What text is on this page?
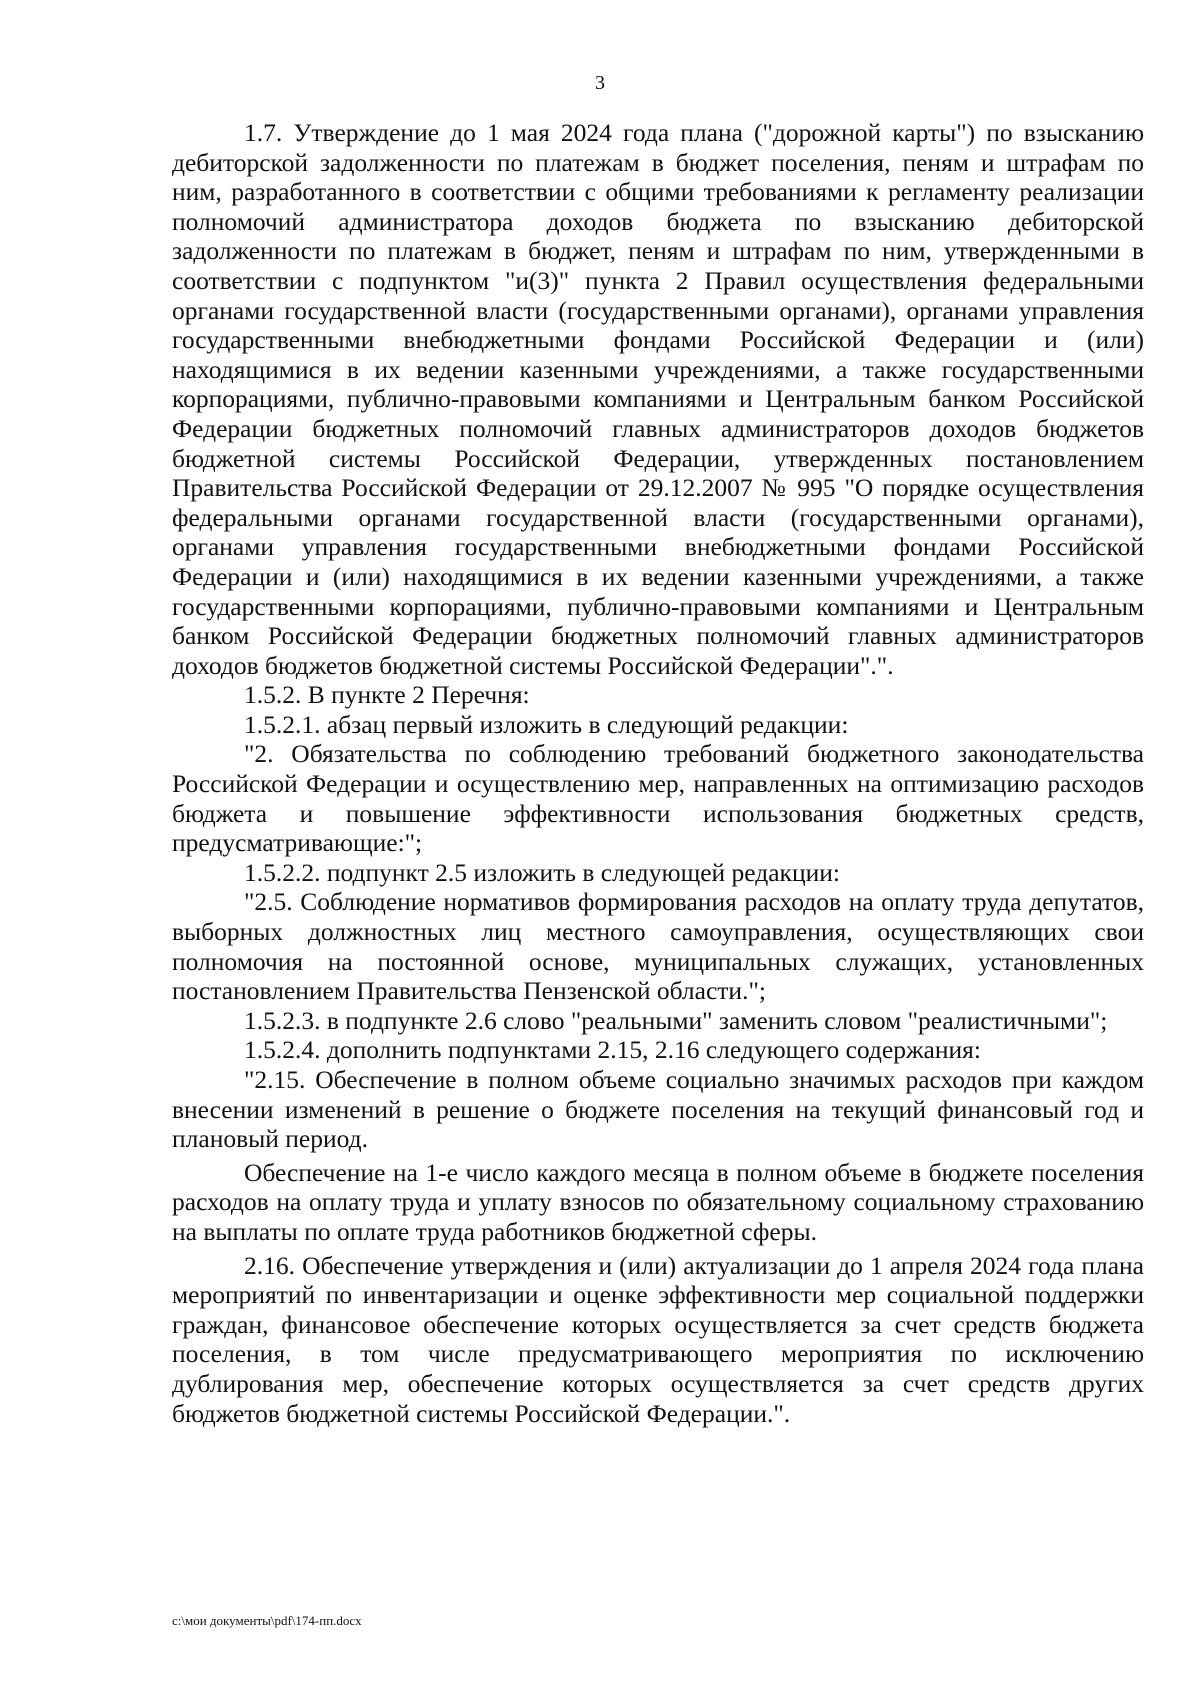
3

1.7. Утверждение до 1 мая 2024 года плана ("дорожной карты") по взысканию дебиторской задолженности по платежам в бюджет поселения, пеням и штрафам по ним, разработанного в соответствии с общими требованиями к регламенту реализации полномочий администратора доходов бюджета по взысканию дебиторской задолженности по платежам в бюджет, пеням и штрафам по ним, утвержденными в соответствии с подпунктом "и(3)" пункта 2 Правил осуществления федеральными органами государственной власти (государственными органами), органами управления государственными внебюджетными фондами Российской Федерации и (или) находящимися в их ведении казенными учреждениями, а также государственными корпорациями, публично-правовыми компаниями и Центральным банком Российской Федерации бюджетных полномочий главных администраторов доходов бюджетов бюджетной системы Российской Федерации, утвержденных постановлением Правительства Российской Федерации от 29.12.2007 № 995 "О порядке осуществления федеральными органами государственной власти (государственными органами), органами управления государственными внебюджетными фондами Российской Федерации и (или) находящимися в их ведении казенными учреждениями, а также государственными корпорациями, публично-правовыми компаниями и Центральным банком Российской Федерации бюджетных полномочий главных администраторов доходов бюджетов бюджетной системы Российской Федерации".".

1.5.2. В пункте 2 Перечня:

1.5.2.1. абзац первый изложить в следующий редакции:

"2. Обязательства по соблюдению требований бюджетного законодательства Российской Федерации и осуществлению мер, направленных на оптимизацию расходов бюджета и повышение эффективности использования бюджетных средств, предусматривающие:";

1.5.2.2. подпункт 2.5 изложить в следующей редакции:

"2.5. Соблюдение нормативов формирования расходов на оплату труда депутатов, выборных должностных лиц местного самоуправления, осуществляющих свои полномочия на постоянной основе, муниципальных служащих, установленных постановлением Правительства Пензенской области.";

1.5.2.3. в подпункте 2.6 слово "реальными" заменить словом "реалистичными";

1.5.2.4. дополнить подпунктами 2.15, 2.16 следующего содержания:

"2.15. Обеспечение в полном объеме социально значимых расходов при каждом внесении изменений в решение о бюджете поселения на текущий финансовый год и плановый период.

Обеспечение на 1-е число каждого месяца в полном объеме в бюджете поселения расходов на оплату труда и уплату взносов по обязательному социальному страхованию на выплаты по оплате труда работников бюджетной сферы.

2.16. Обеспечение утверждения и (или) актуализации до 1 апреля 2024 года плана мероприятий по инвентаризации и оценке эффективности мер социальной поддержки граждан, финансовое обеспечение которых осуществляется за счет средств бюджета поселения, в том числе предусматривающего мероприятия по исключению дублирования мер, обеспечение которых осуществляется за счет средств других бюджетов бюджетной системы Российской Федерации.".

c:\мои документы\pdf\174-пп.docx
